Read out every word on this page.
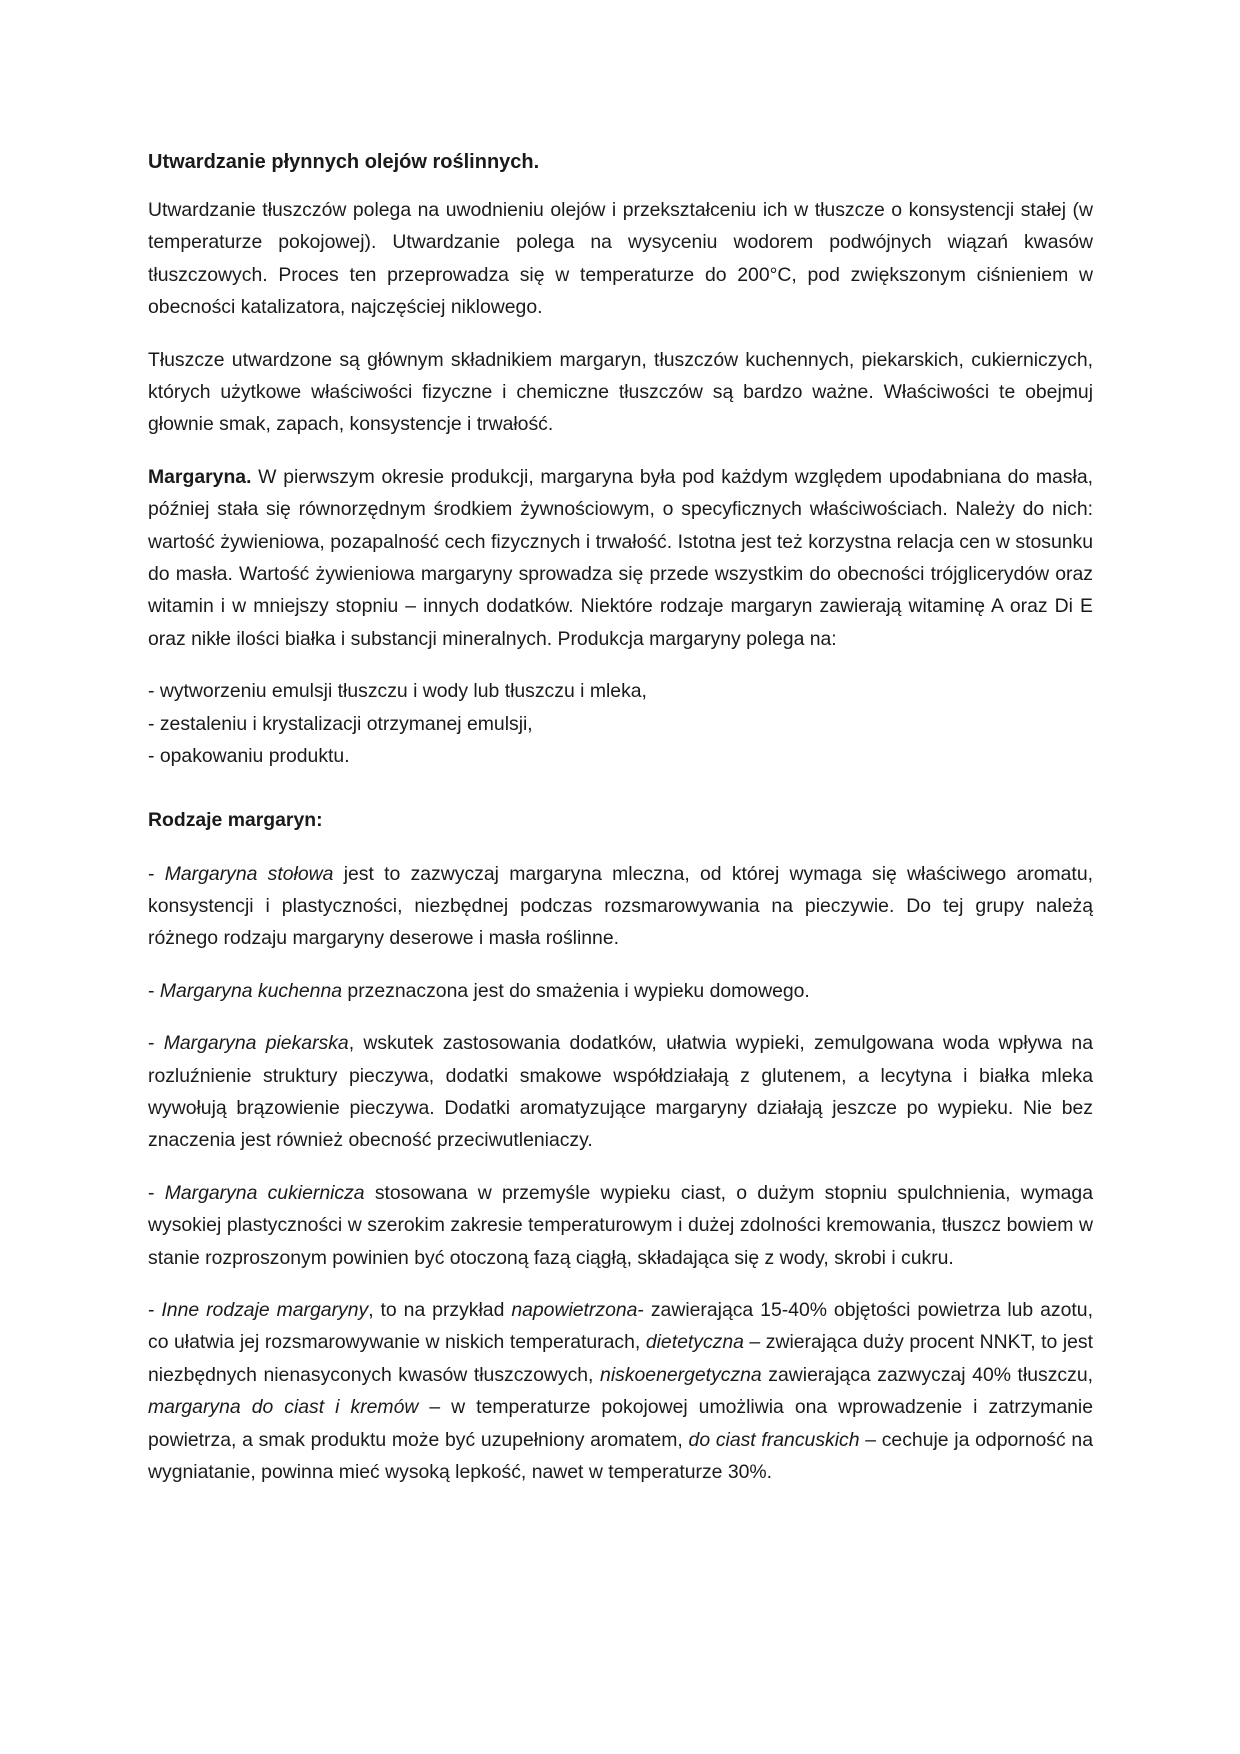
Utwardzanie płynnych olejów roślinnych.

Utwardzanie tłuszczów polega na uwodnieniu olejów i przekształceniu ich w tłuszcze o konsystencji stałej (w temperaturze pokojowej). Utwardzanie polega na wysyceniu wodorem podwójnych wiązań kwasów tłuszczowych. Proces ten przeprowadza się w temperaturze do 200°C, pod zwiększonym ciśnieniem w obecności katalizatora, najczęściej niklowego.

Tłuszcze utwardzone są głównym składnikiem margaryn, tłuszczów kuchennych, piekarskich, cukierniczych, których użytkowe właściwości fizyczne i chemiczne tłuszczów są bardzo ważne. Właściwości te obejmuj głownie smak, zapach, konsystencje i trwałość.

Margaryna. W pierwszym okresie produkcji, margaryna była pod każdym względem upodabniana do masła, później stała się równorzędnym środkiem żywnościowym, o specyficznych właściwościach. Należy do nich: wartość żywieniowa, pozapalność cech fizycznych i trwałość. Istotna jest też korzystna relacja cen w stosunku do masła. Wartość żywieniowa margaryny sprowadza się przede wszystkim do obecności trójglicerydów oraz witamin i w mniejszy stopniu – innych dodatków. Niektóre rodzaje margaryn zawierają witaminę A oraz Di E oraz nikłe ilości białka i substancji mineralnych. Produkcja margaryny polega na:

- wytworzeniu emulsji tłuszczu i wody lub tłuszczu i mleka,
- zestaleniu i krystalizacji otrzymanej emulsji,
- opakowaniu produktu.
Rodzaje margaryn:

- Margaryna stołowa jest to zazwyczaj margaryna mleczna, od której wymaga się właściwego aromatu, konsystencji i plastyczności, niezbędnej podczas rozsmarowywania na pieczywie. Do tej grupy należą różnego rodzaju margaryny deserowe i masła roślinne.

- Margaryna kuchenna przeznaczona jest do smażenia i wypieku domowego.

- Margaryna piekarska, wskutek zastosowania dodatków, ułatwia wypieki, zemulgowana woda wpływa na rozluźnienie struktury pieczywa, dodatki smakowe współdziałają z glutenem, a lecytyna i białka mleka wywołują brązowienie pieczywa. Dodatki aromatyzujące margaryny działają jeszcze po wypieku. Nie bez znaczenia jest również obecność przeciwutleniaczy.

- Margaryna cukiernicza stosowana w przemyśle wypieku ciast, o dużym stopniu spulchnienia, wymaga wysokiej plastyczności w szerokim zakresie temperaturowym i dużej zdolności kremowania, tłuszcz bowiem w stanie rozproszonym powinien być otoczoną fazą ciągłą, składająca się z wody, skrobi i cukru.

- Inne rodzaje margaryny, to na przykład napowietrzona- zawierająca 15-40% objętości powietrza lub azotu, co ułatwia jej rozsmarowywanie w niskich temperaturach, dietetyczna – zwierająca duży procent NNKT, to jest niezbędnych nienasyconych kwasów tłuszczowych, niskoenergetyczna zawierająca zazwyczaj 40% tłuszczu, margaryna do ciast i kremów – w temperaturze pokojowej umożliwia ona wprowadzenie i zatrzymanie powietrza, a smak produktu może być uzupełniony aromatem, do ciast francuskich – cechuje ja odporność na wygniatanie, powinna mieć wysoką lepkość, nawet w temperaturze 30%.
